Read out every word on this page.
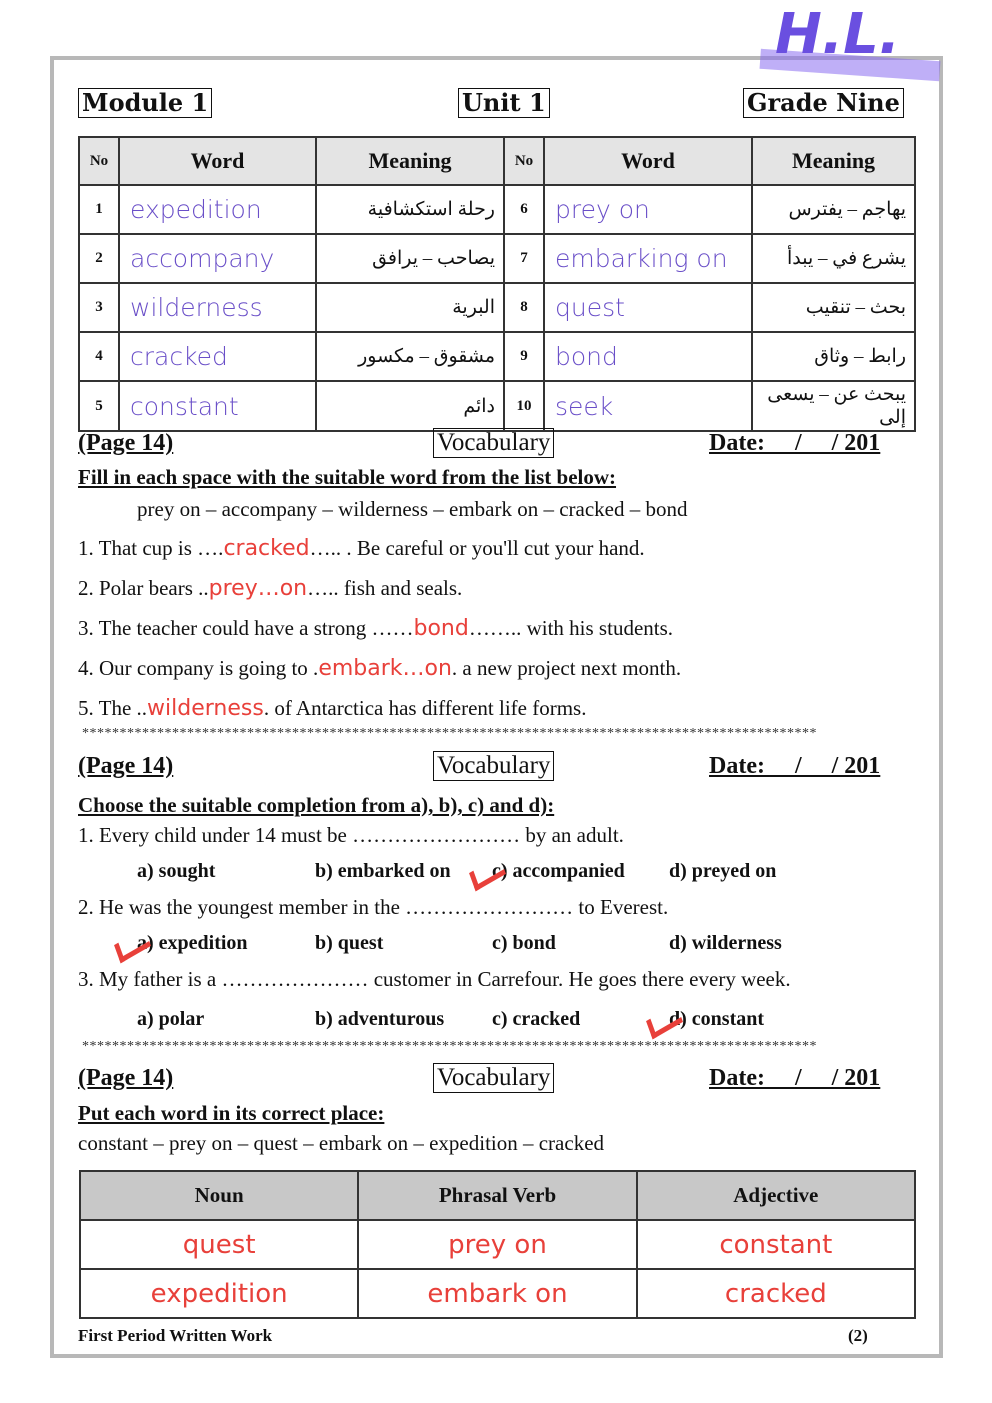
H.L.
Module 1	Unit 1	Grade Nine
No	Word	Meaning	No	Word	Meaning
1	expedition	رحلة استكشافية	6	prey on	يهاجم – يفترس
2	accompany	يصاحب – يرافق	7	embarking on	يشرع في – يبدأ
3	wilderness	البرية	8	quest	بحث – تنقيب
4	cracked	مشقوق – مكسور	9	bond	رابط – وثاق
5	constant	دائم	10	seek	يبحث عن – يسعى إلى
First Period Written Work	(2)
(Page 14)	Vocabulary	Date:     /     / 201
Fill in each space with the suitable word from the list below:
prey on – accompany – wilderness – embark on – cracked – bond
1. That cup is ….cracked….. . Be careful or you'll cut your hand.
2. Polar bears ..prey…on….. fish and seals.
3. The teacher could have a strong ……bond…….. with his students.
4. Our company is going to .embark…on. a new project next month.
5. The ..wilderness. of Antarctica has different life forms.
**************************************************************************************************
(Page 14)	Vocabulary	Date:     /     / 201
Choose the suitable completion from a), b), c) and d):
1. Every child under 14 must be …………………… by an adult.
a) sought	b) embarked on c) accompanied d) preyed on
2. He was the youngest member in the …………………… to Everest.
a) expedition	b) quest	c) bond	d) wilderness
3. My father is a ………………… customer in Carrefour. He goes there every week.
a) polar	b) adventurous c) cracked	d) constant
**************************************************************************************************
(Page 14)	Vocabulary	Date:     /     / 201
Put each word in its correct place:
constant – prey on – quest – embark on – expedition – cracked
Noun	Phrasal Verb	Adjective
quest	prey on	constant
expedition	embark on	cracked
